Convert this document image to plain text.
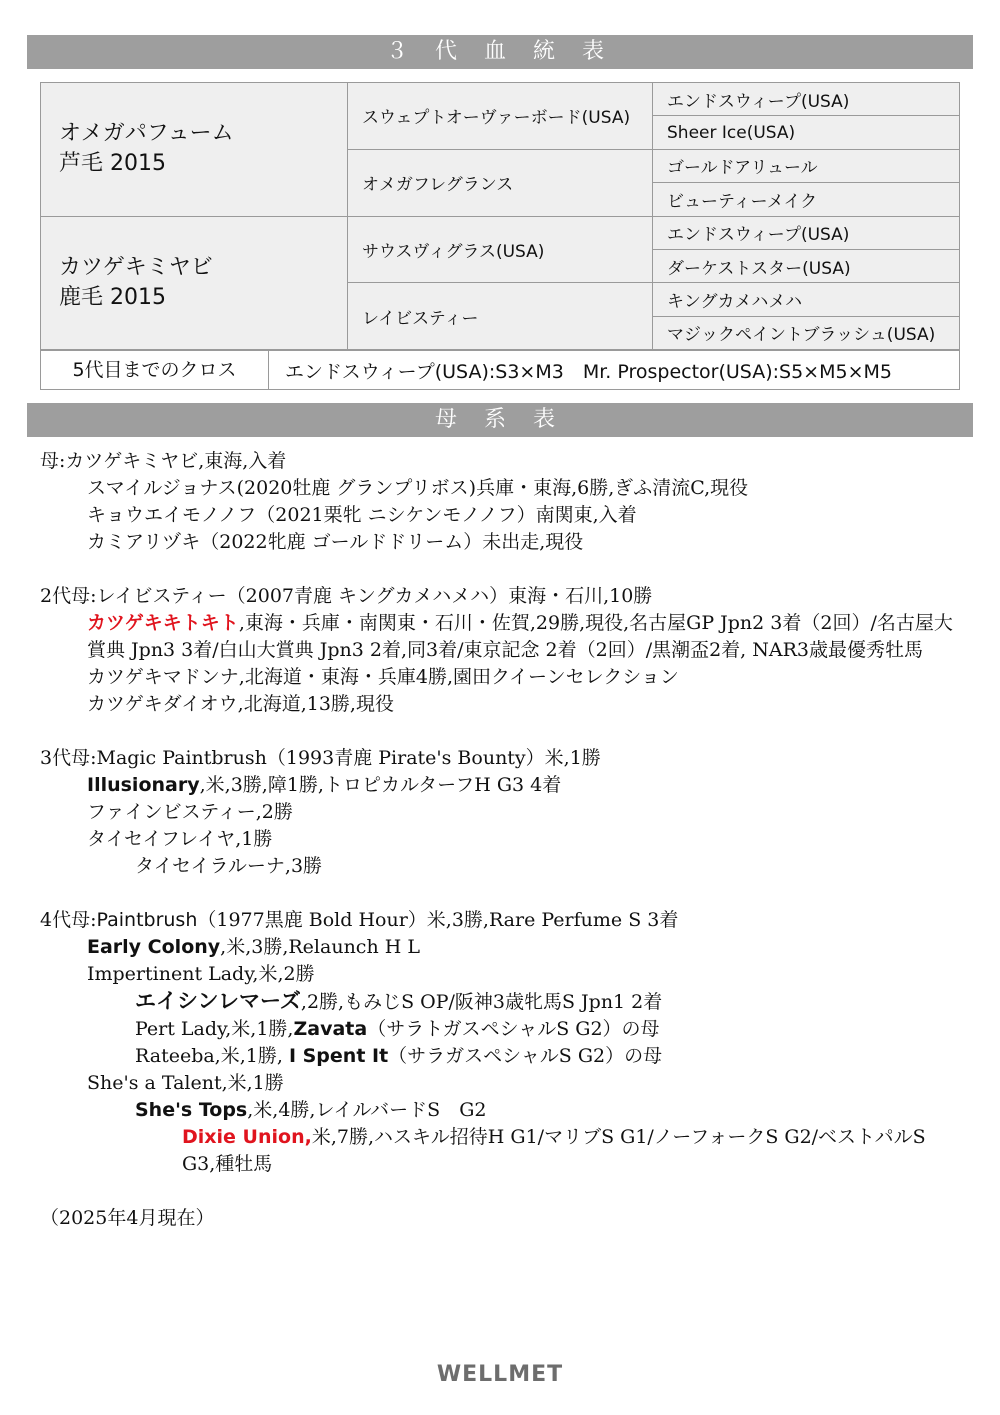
３ 代 血 統 表
オメガパフューム
芦毛 2015	スウェプトオーヴァーボード(USA)	エンドスウィープ(USA)
		Sheer Ice(USA)
	オメガフレグランス	ゴールドアリュール
		ビューティーメイク

カツゲキミヤビ
鹿毛 2015	サウスヴィグラス(USA)	エンドスウィープ(USA)
		ダーケストスター(USA)
	レイビスティー	キングカメハメハ
		マジックペイントブラッシュ(USA)
5代目までのクロス	エンドスウィープ(USA):S3×M3　Mr. Prospector(USA):S5×M5×M5
母 系 表
母:カツゲキミヤビ,東海,入着
スマイルジョナス(2020牡鹿 グランプリボス)兵庫・東海,6勝,ぎふ清流C,現役
キョウエイモノノフ（2021栗牝 ニシケンモノノフ）南関東,入着
カミアリヅキ（2022牝鹿 ゴールドドリーム）未出走,現役
2代母:レイビスティー（2007青鹿 キングカメハメハ）東海・石川,10勝
カツゲキキトキト,東海・兵庫・南関東・石川・佐賀,29勝,現役,名古屋GP Jpn2 3着（2回）/名古屋大賞典 Jpn3 3着/白山大賞典 Jpn3 2着,同3着/東京記念 2着（2回）/黒潮盃2着, NAR3歳最優秀牡馬
カツゲキマドンナ,北海道・東海・兵庫4勝,園田クイーンセレクション
カツゲキダイオウ,北海道,13勝,現役
3代母:Magic Paintbrush（1993青鹿 Pirate's Bounty）米,1勝
Illusionary,米,3勝,障1勝,トロピカルターフH G3 4着
ファインビスティー,2勝
タイセイフレイヤ,1勝
タイセイラルーナ,3勝
4代母:Paintbrush（1977黒鹿 Bold Hour）米,3勝,Rare Perfume S 3着
Early Colony,米,3勝,Relaunch H L
Impertinent Lady,米,2勝
エイシンレマーズ,2勝,もみじS OP/阪神3歳牝馬S Jpn1 2着
Pert Lady,米,1勝,Zavata（サラトガスペシャルS G2）の母
Rateeba,米,1勝, I Spent It（サラガスペシャルS G2）の母
She's a Talent,米,1勝
She's Tops,米,4勝,レイルバードS　G2
Dixie Union,米,7勝,ハスキル招待H G1/マリブS G1/ノーフォークS G2/ベストパルS G3,種牡馬
（2025年4月現在）
WELLMET
